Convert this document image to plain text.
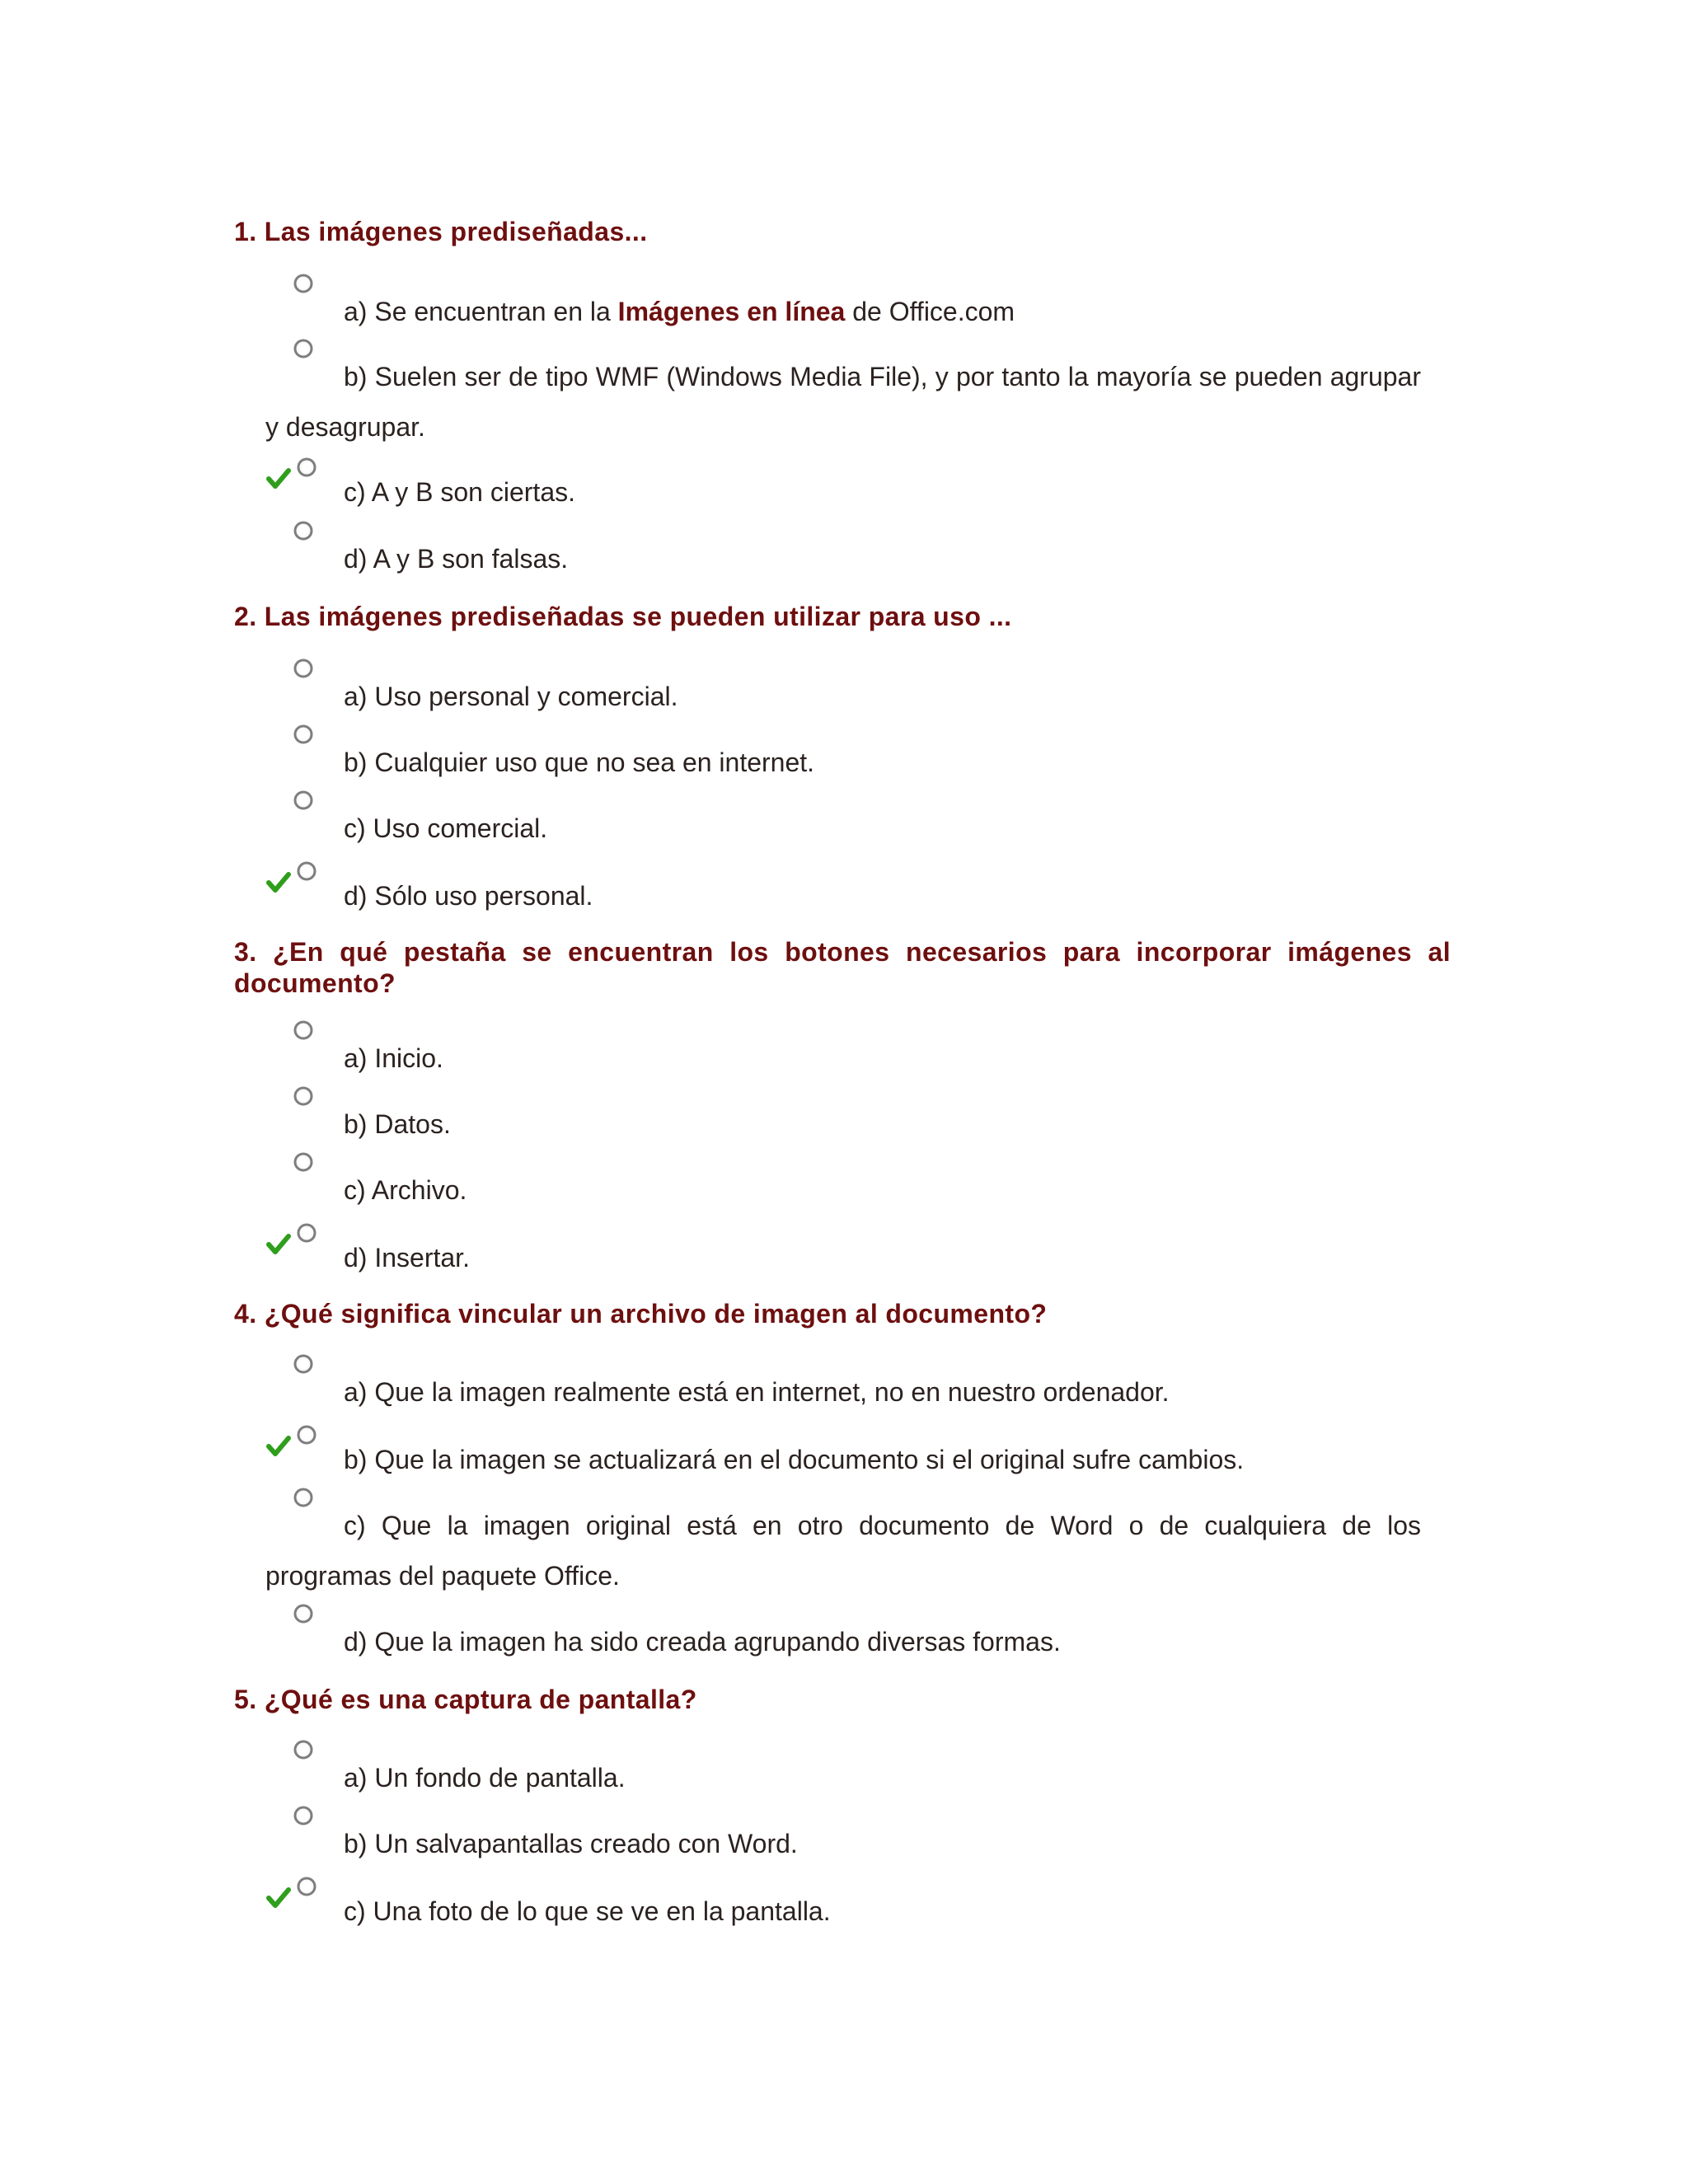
1. Las imágenes prediseñadas...
a) Se encuentran en la Imágenes en línea de Office.com
b) Suelen ser de tipo WMF (Windows Media File), y por tanto la mayoría se pueden agrupar y desagrupar.
c) A y B son ciertas.
d) A y B son falsas.
2. Las imágenes prediseñadas se pueden utilizar para uso ...
a) Uso personal y comercial.
b) Cualquier uso que no sea en internet.
c) Uso comercial.
d) Sólo uso personal.
3. ¿En qué pestaña se encuentran los botones necesarios para incorporar imágenes al documento?
a) Inicio.
b) Datos.
c) Archivo.
d) Insertar.
4. ¿Qué significa vincular un archivo de imagen al documento?
a) Que la imagen realmente está en internet, no en nuestro ordenador.
b) Que la imagen se actualizará en el documento si el original sufre cambios.
c) Que la imagen original está en otro documento de Word o de cualquiera de los programas del paquete Office.
d) Que la imagen ha sido creada agrupando diversas formas.
5. ¿Qué es una captura de pantalla?
a) Un fondo de pantalla.
b) Un salvapantallas creado con Word.
c) Una foto de lo que se ve en la pantalla.
